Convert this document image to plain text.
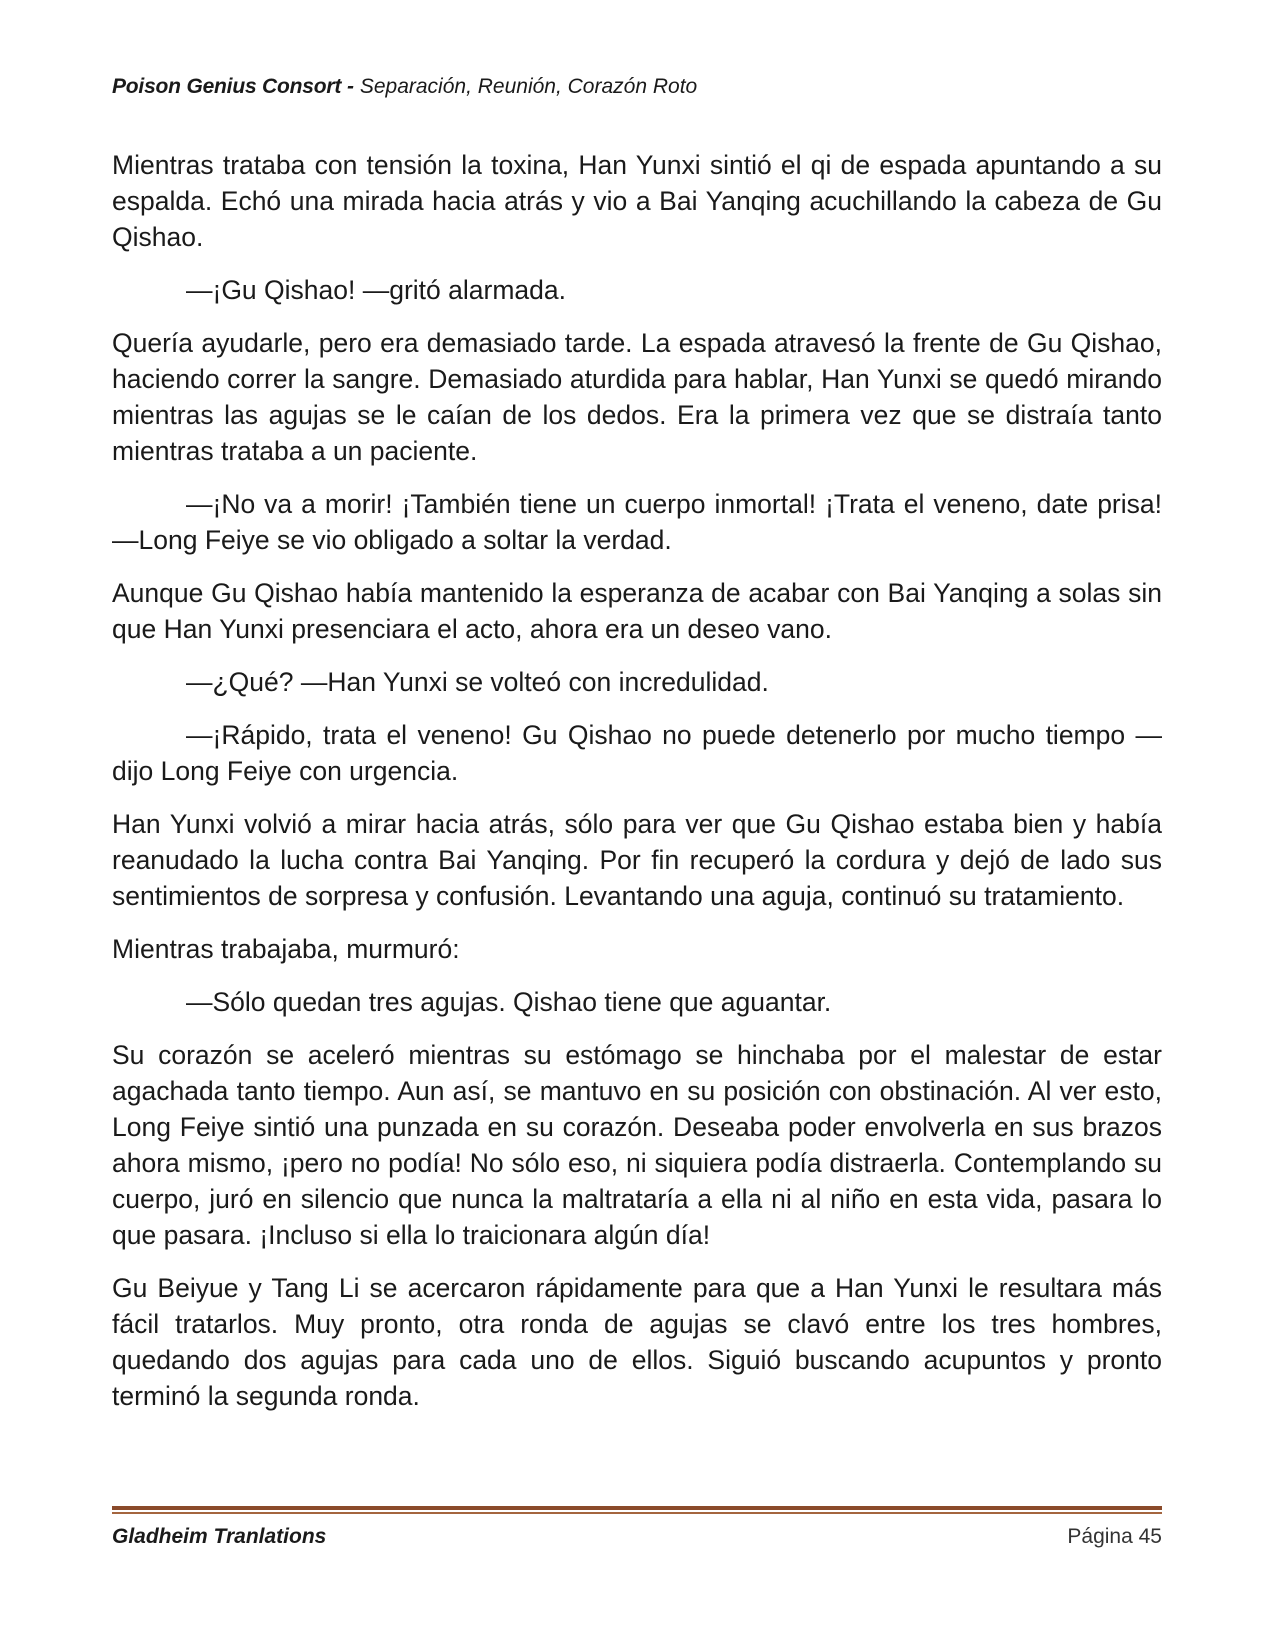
Poison Genius Consort - Separación, Reunión, Corazón Roto

Mientras trataba con tensión la toxina, Han Yunxi sintió el qi de espada apuntando a su espalda. Echó una mirada hacia atrás y vio a Bai Yanqing acuchillando la cabeza de Gu Qishao.

—¡Gu Qishao! —gritó alarmada.

Quería ayudarle, pero era demasiado tarde. La espada atravesó la frente de Gu Qishao, haciendo correr la sangre. Demasiado aturdida para hablar, Han Yunxi se quedó mirando mientras las agujas se le caían de los dedos. Era la primera vez que se distraía tanto mientras trataba a un paciente.

—¡No va a morir! ¡También tiene un cuerpo inmortal! ¡Trata el veneno, date prisa! —Long Feiye se vio obligado a soltar la verdad.

Aunque Gu Qishao había mantenido la esperanza de acabar con Bai Yanqing a solas sin que Han Yunxi presenciara el acto, ahora era un deseo vano.

—¿Qué? —Han Yunxi se volteó con incredulidad.

—¡Rápido, trata el veneno! Gu Qishao no puede detenerlo por mucho tiempo —dijo Long Feiye con urgencia.

Han Yunxi volvió a mirar hacia atrás, sólo para ver que Gu Qishao estaba bien y había reanudado la lucha contra Bai Yanqing. Por fin recuperó la cordura y dejó de lado sus sentimientos de sorpresa y confusión. Levantando una aguja, continuó su tratamiento.

Mientras trabajaba, murmuró:

—Sólo quedan tres agujas. Qishao tiene que aguantar.

Su corazón se aceleró mientras su estómago se hinchaba por el malestar de estar agachada tanto tiempo. Aun así, se mantuvo en su posición con obstinación. Al ver esto, Long Feiye sintió una punzada en su corazón. Deseaba poder envolverla en sus brazos ahora mismo, ¡pero no podía! No sólo eso, ni siquiera podía distraerla. Contemplando su cuerpo, juró en silencio que nunca la maltrataría a ella ni al niño en esta vida, pasara lo que pasara. ¡Incluso si ella lo traicionara algún día!

Gu Beiyue y Tang Li se acercaron rápidamente para que a Han Yunxi le resultara más fácil tratarlos. Muy pronto, otra ronda de agujas se clavó entre los tres hombres, quedando dos agujas para cada uno de ellos. Siguió buscando acupuntos y pronto terminó la segunda ronda.

Gladheim Tranlations	Página 45
